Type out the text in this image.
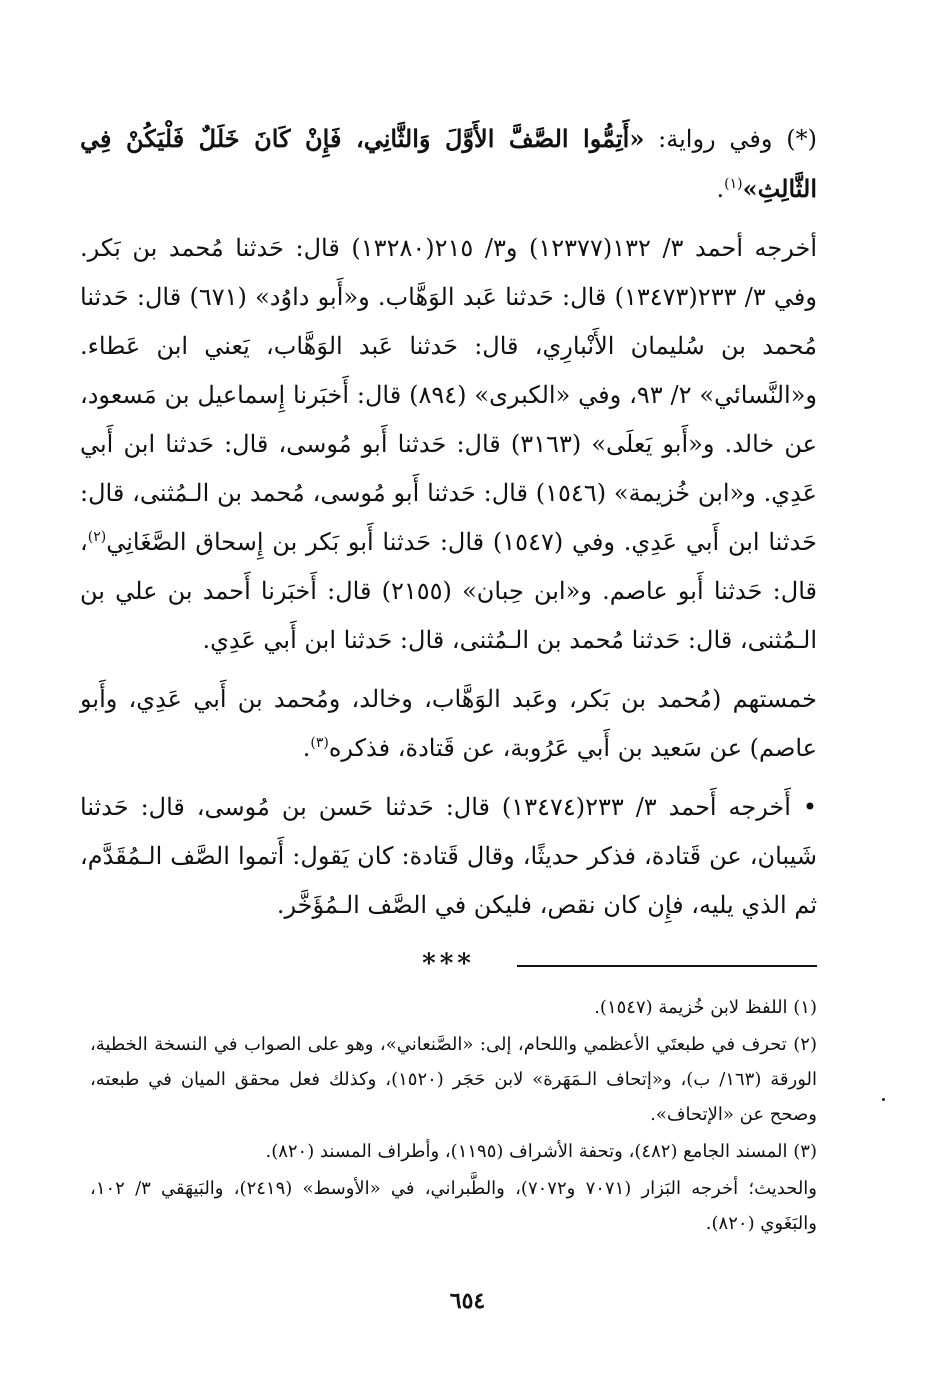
(*) وفي رواية: «أَتِمُّوا الصَّفَّ الأَوَّلَ وَالثَّانِي، فَإِنْ كَانَ خَلَلٌ فَلْيَكُنْ فِي الثَّالِثِ»$^{(١)}$.

أخرجه أحمد ٣/ ١٣٢(١٢٣٧٧) و٣/ ٢١٥(١٣٢٨٠) قال: حَدثنا مُحمد بن بَكر. وفي ٣/ ٢٣٣(١٣٤٧٣) قال: حَدثنا عَبد الوَهَّاب. و«أَبو داوُد» (٦٧١) قال: حَدثنا مُحمد بن سُليمان الأَنْبارِي، قال: حَدثنا عَبد الوَهَّاب، يَعني ابن عَطاء. و«النَّسائي» ٢/ ٩٣، وفي «الكبرى» (٨٩٤) قال: أَخبَرنا إِسماعيل بن مَسعود، عن خالد. و«أَبو يَعلَى» (٣١٦٣) قال: حَدثنا أَبو مُوسى، قال: حَدثنا ابن أَبي عَدِي. و«ابن خُزيمة» (١٥٤٦) قال: حَدثنا أَبو مُوسى، مُحمد بن الـمُثنى، قال: حَدثنا ابن أَبي عَدِي. وفي (١٥٤٧) قال: حَدثنا أَبو بَكر بن إِسحاق الصَّغَانِي$^{(٢)}$، قال: حَدثنا أَبو عاصم. و«ابن حِبان» (٢١٥٥) قال: أَخبَرنا أَحمد بن علي بن الـمُثنى، قال: حَدثنا مُحمد بن الـمُثنى، قال: حَدثنا ابن أَبي عَدِي.

خمستهم (مُحمد بن بَكر، وعَبد الوَهَّاب، وخالد، ومُحمد بن أَبي عَدِي، وأَبو عاصم) عن سَعيد بن أَبي عَرُوبة، عن قَتادة، فذكره$^{(٣)}$.

• أَخرجه أَحمد ٣/ ٢٣٣(١٣٤٧٤) قال: حَدثنا حَسن بن مُوسى، قال: حَدثنا شَيبان، عن قَتادة، فذكر حديثًا، وقال قَتادة: كان يَقول: أَتموا الصَّف الـمُقَدَّم، ثم الذي يليه، فإِن كان نقص، فليكن في الصَّف الـمُؤَخَّر.

***

(١) اللفظ لابن خُزيمة (١٥٤٧).

(٢) تحرف في طبعتَي الأعظمي واللحام، إلى: «الصَّنعاني»، وهو على الصواب في النسخة الخطية، الورقة (١٦٣/ ب)، و«إتحاف الـمَهَرة» لابن حَجَر (١٥٢٠)، وكذلك فعل محقق الميان في طبعته، وصحح عن «الإتحاف».

(٣) المسند الجامع (٤٨٢)، وتحفة الأشراف (١١٩٥)، وأطراف المسند (٨٢٠).

والحديث؛ أخرجه البَزار (٧٠٧١ و٧٠٧٢)، والطَّبراني، في «الأوسط» (٢٤١٩)، والبَيهَقي ٣/ ١٠٢، والبَغَوي (٨٢٠).

٦٥٤
